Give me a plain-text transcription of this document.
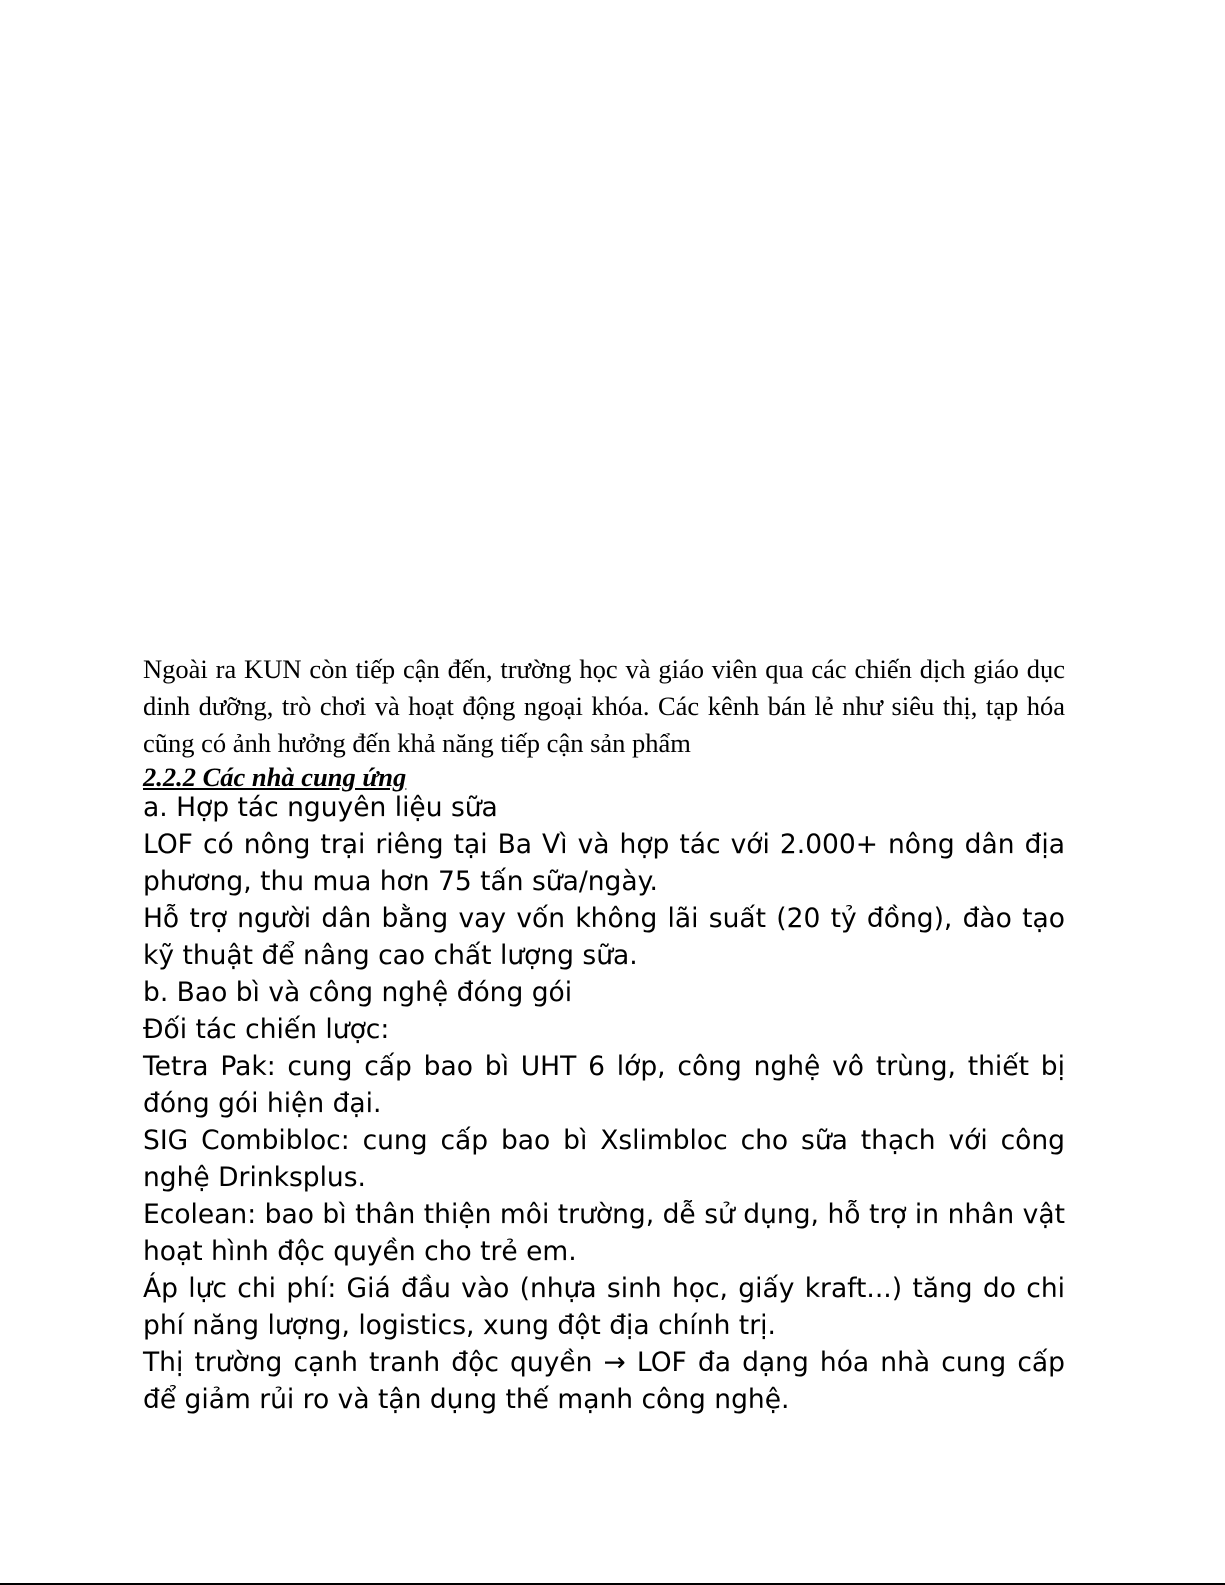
Ngoài ra KUN còn tiếp cận đến, trường học và giáo viên qua các chiến dịch giáo dục dinh dưỡng, trò chơi và hoạt động ngoại khóa. Các kênh bán lẻ như siêu thị, tạp hóa cũng có ảnh hưởng đến khả năng tiếp cận sản phẩm

2.2.2 Các nhà cung ứng

a. Hợp tác nguyên liệu sữa

LOF có nông trại riêng tại Ba Vì và hợp tác với 2.000+ nông dân địa phương, thu mua hơn 75 tấn sữa/ngày.

Hỗ trợ người dân bằng vay vốn không lãi suất (20 tỷ đồng), đào tạo kỹ thuật để nâng cao chất lượng sữa.

b. Bao bì và công nghệ đóng gói

Đối tác chiến lược:

Tetra Pak: cung cấp bao bì UHT 6 lớp, công nghệ vô trùng, thiết bị đóng gói hiện đại.

SIG Combibloc: cung cấp bao bì Xslimbloc cho sữa thạch với công nghệ Drinksplus.

Ecolean: bao bì thân thiện môi trường, dễ sử dụng, hỗ trợ in nhân vật hoạt hình độc quyền cho trẻ em.

Áp lực chi phí: Giá đầu vào (nhựa sinh học, giấy kraft...) tăng do chi phí năng lượng, logistics, xung đột địa chính trị.

Thị trường cạnh tranh độc quyền → LOF đa dạng hóa nhà cung cấp để giảm rủi ro và tận dụng thế mạnh công nghệ.
